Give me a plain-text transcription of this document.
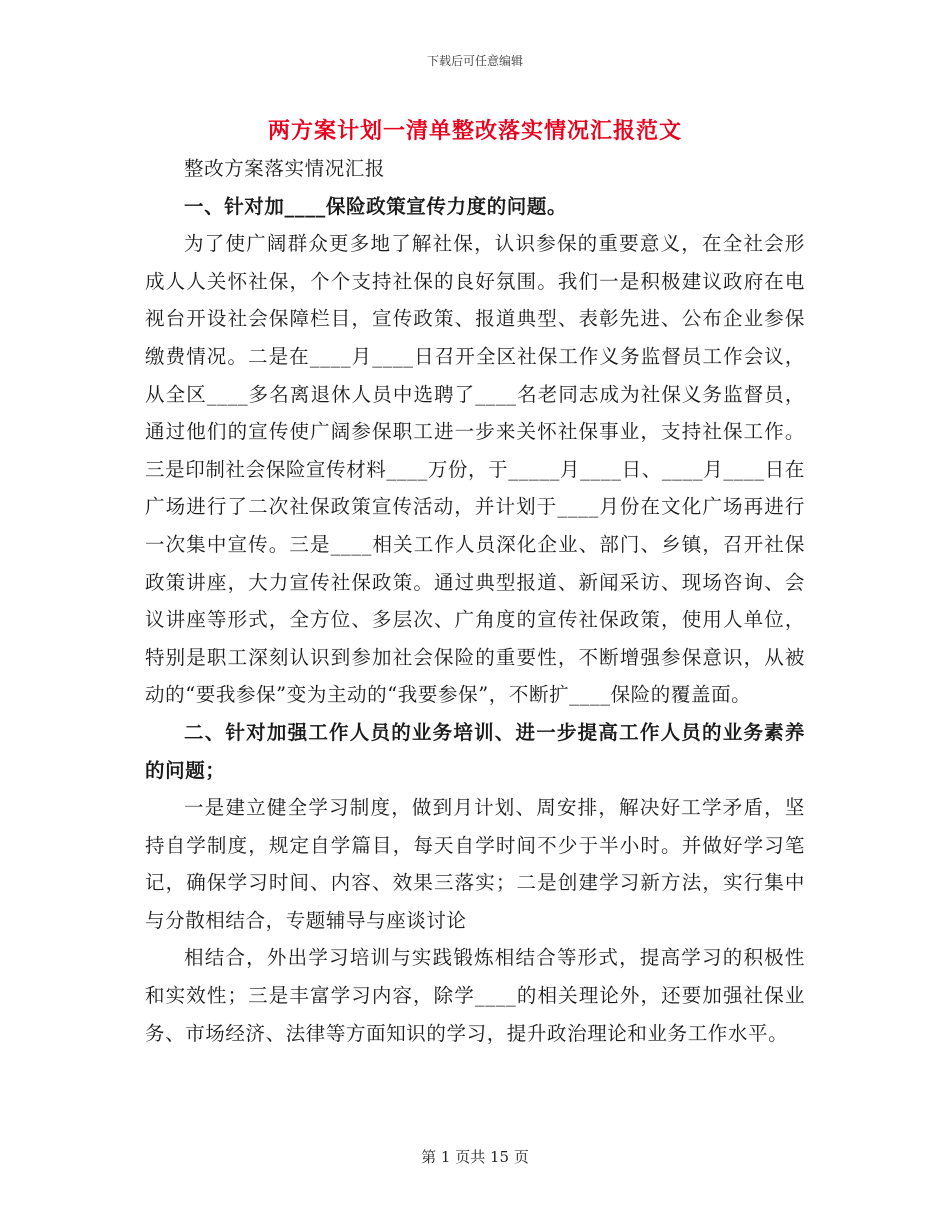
下载后可任意编辑
两方案计划一清单整改落实情况汇报范文

整改方案落实情况汇报

一、针对加____保险政策宣传力度的问题。

为了使广阔群众更多地了解社保，认识参保的重要意义，在全社会形成人人关怀社保，个个支持社保的良好氛围。我们一是积极建议政府在电视台开设社会保障栏目，宣传政策、报道典型、表彰先进、公布企业参保缴费情况。二是在____月____日召开全区社保工作义务监督员工作会议，从全区____多名离退休人员中选聘了____名老同志成为社保义务监督员，通过他们的宣传使广阔参保职工进一步来关怀社保事业，支持社保工作。三是印制社会保险宣传材料____万份，于_____月____日、____月____日在广场进行了二次社保政策宣传活动，并计划于____月份在文化广场再进行一次集中宣传。三是____相关工作人员深化企业、部门、乡镇，召开社保政策讲座，大力宣传社保政策。通过典型报道、新闻采访、现场咨询、会议讲座等形式，全方位、多层次、广角度的宣传社保政策，使用人单位，特别是职工深刻认识到参加社会保险的重要性，不断增强参保意识，从被动的“要我参保”变为主动的“我要参保”，不断扩____保险的覆盖面。

二、针对加强工作人员的业务培训、进一步提高工作人员的业务素养的问题；

一是建立健全学习制度，做到月计划、周安排，解决好工学矛盾，坚持自学制度，规定自学篇目，每天自学时间不少于半小时。并做好学习笔记，确保学习时间、内容、效果三落实；二是创建学习新方法，实行集中与分散相结合，专题辅导与座谈讨论

相结合，外出学习培训与实践锻炼相结合等形式，提高学习的积极性和实效性；三是丰富学习内容，除学____的相关理论外，还要加强社保业务、市场经济、法律等方面知识的学习，提升政治理论和业务工作水平。

第 1 页共 15 页
